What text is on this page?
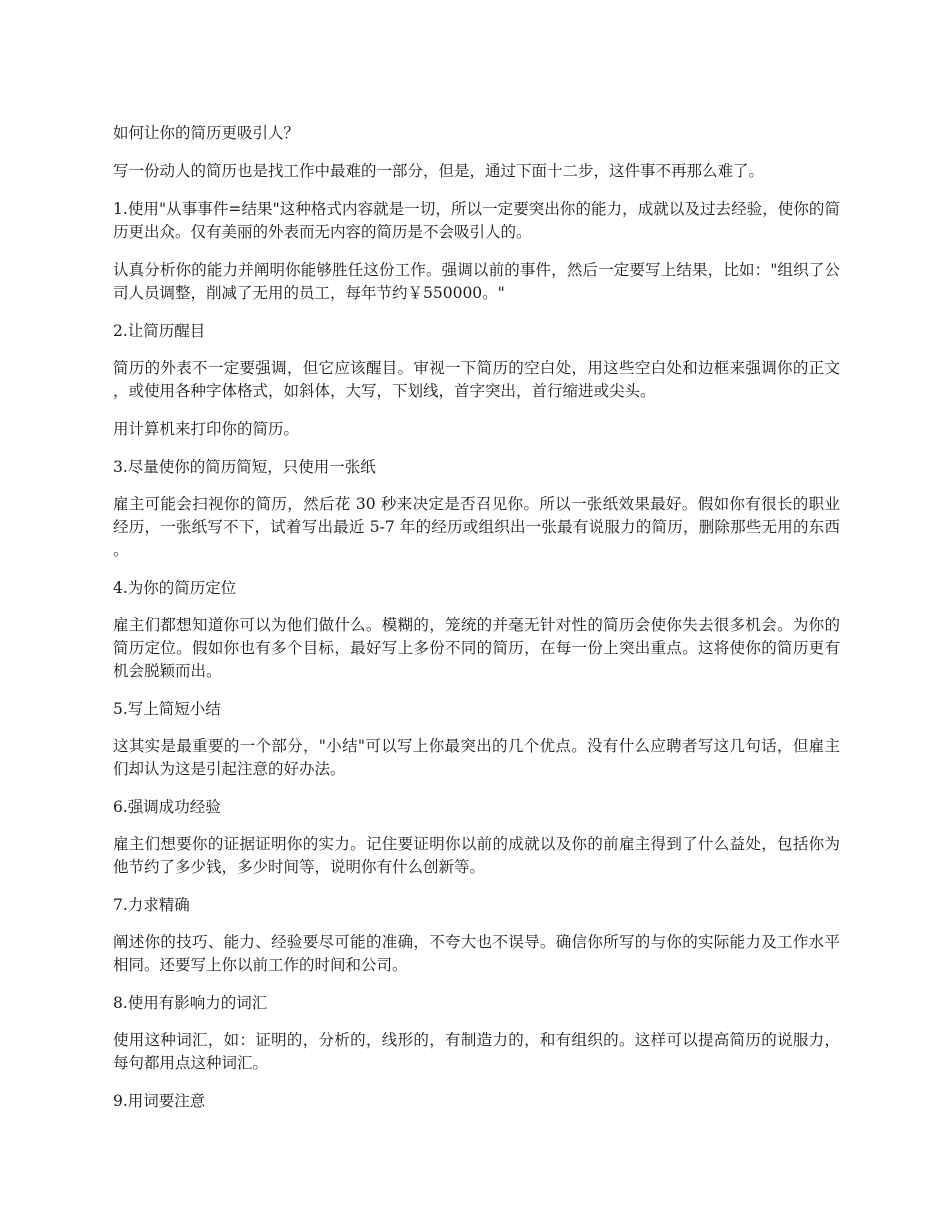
如何让你的简历更吸引人？

写一份动人的简历也是找工作中最难的一部分，但是，通过下面十二步，这件事不再那么难了。

1.使用"从事事件=结果"这种格式内容就是一切，所以一定要突出你的能力，成就以及过去经验，使你的简历更出众。仅有美丽的外表而无内容的简历是不会吸引人的。

认真分析你的能力并阐明你能够胜任这份工作。强调以前的事件，然后一定要写上结果，比如："组织了公司人员调整，削减了无用的员工，每年节约￥550000。"

2.让简历醒目

简历的外表不一定要强调，但它应该醒目。审视一下简历的空白处，用这些空白处和边框来强调你的正文，或使用各种字体格式，如斜体，大写，下划线，首字突出，首行缩进或尖头。

用计算机来打印你的简历。

3.尽量使你的简历简短，只使用一张纸

雇主可能会扫视你的简历，然后花 30 秒来决定是否召见你。所以一张纸效果最好。假如你有很长的职业经历，一张纸写不下，试着写出最近 5-7 年的经历或组织出一张最有说服力的简历，删除那些无用的东西。

4.为你的简历定位

雇主们都想知道你可以为他们做什么。模糊的，笼统的并毫无针对性的简历会使你失去很多机会。为你的简历定位。假如你也有多个目标，最好写上多份不同的简历，在每一份上突出重点。这将使你的简历更有机会脱颖而出。

5.写上简短小结

这其实是最重要的一个部分，"小结"可以写上你最突出的几个优点。没有什么应聘者写这几句话，但雇主们却认为这是引起注意的好办法。

6.强调成功经验

雇主们想要你的证据证明你的实力。记住要证明你以前的成就以及你的前雇主得到了什么益处，包括你为他节约了多少钱，多少时间等，说明你有什么创新等。

7.力求精确

阐述你的技巧、能力、经验要尽可能的准确，不夸大也不误导。确信你所写的与你的实际能力及工作水平相同。还要写上你以前工作的时间和公司。

8.使用有影响力的词汇

使用这种词汇，如：证明的，分析的，线形的，有制造力的，和有组织的。这样可以提高简历的说服力，每句都用点这种词汇。

9.用词要注意
